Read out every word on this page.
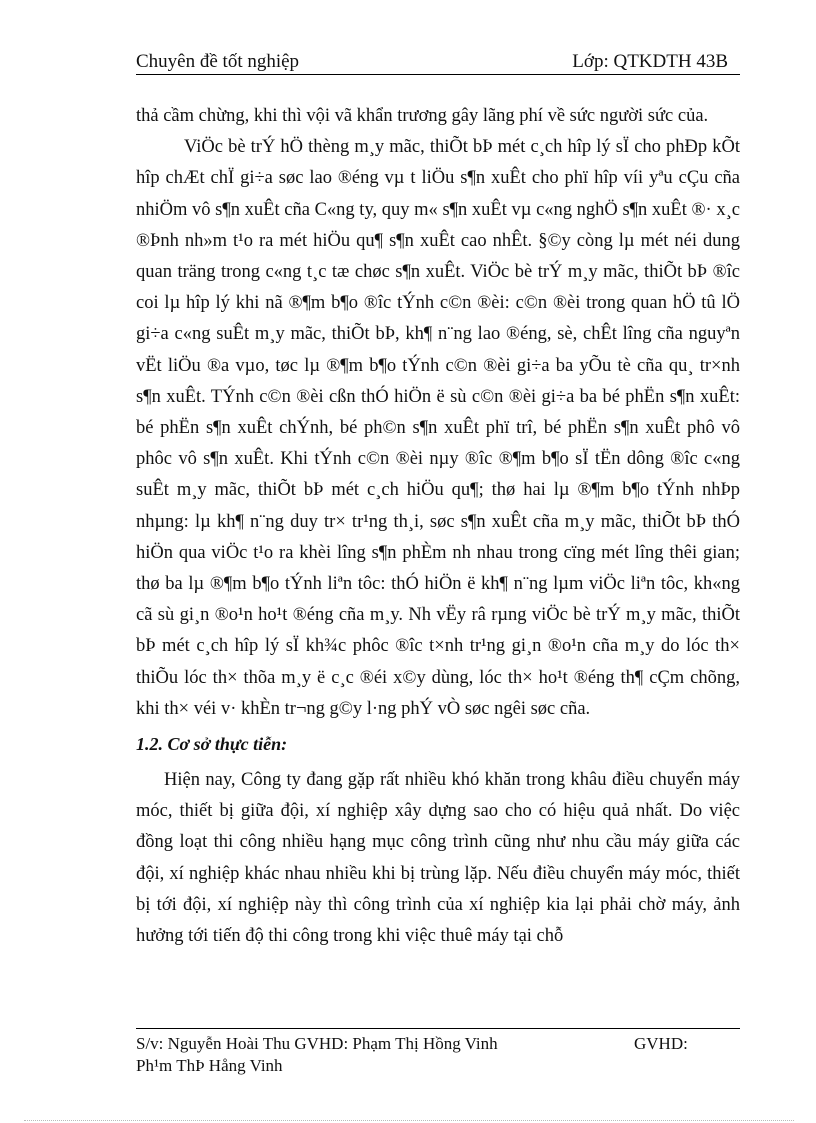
Chuyên đề tốt nghiệp	Lớp: QTKDTH 43B

thả cầm chừng, khi thì vội vã khẩn trương gây lãng phí về sức người sức của.

ViÖc bè trÝ hÖ thèng m¸y mãc, thiÕt bÞ mét c¸ch hîp lý sÏ cho phÐp kÕt hîp chÆt chÏ gi÷a søc lao ®éng vµ t liÖu s¶n xuÊt cho phï hîp víi yªu cÇu cña nhiÖm vô s¶n xuÊt cña C«ng ty, quy m« s¶n xuÊt vµ c«ng nghÖ s¶n xuÊt ®· x¸c ®Þnh nh»m t¹o ra mét hiÖu qu¶ s¶n xuÊt cao nhÊt. §©y còng lµ mét néi dung quan träng trong c«ng t¸c tæ chøc s¶n xuÊt. ViÖc bè trÝ m¸y mãc, thiÕt bÞ ®îc coi lµ hîp lý khi nã ®¶m b¶o ®îc tÝnh c©n ®èi: c©n ®èi trong quan hÖ tû lÖ gi÷a c«ng suÊt m¸y mãc, thiÕt bÞ, kh¶ n¨ng lao ®éng, sè, chÊt lîng cña nguyªn vËt liÖu ®a vµo, tøc lµ ®¶m b¶o tÝnh c©n ®èi gi÷a ba yÕu tè cña qu¸ tr×nh s¶n xuÊt. TÝnh c©n ®èi cßn thÓ hiÖn ë sù c©n ®èi gi÷a ba bé phËn s¶n xuÊt: bé phËn s¶n xuÊt chÝnh, bé ph©n s¶n xuÊt phï trî, bé phËn s¶n xuÊt phô vô phôc vô s¶n xuÊt. Khi tÝnh c©n ®èi nµy ®îc ®¶m b¶o sÏ tËn dông ®îc c«ng suÊt m¸y mãc, thiÕt bÞ mét c¸ch hiÖu qu¶; thø hai lµ ®¶m b¶o tÝnh nhÞp nhµng: lµ kh¶ n¨ng duy tr× tr¹ng th¸i, søc s¶n xuÊt cña m¸y mãc, thiÕt bÞ thÓ hiÖn qua viÖc t¹o ra khèi lîng s¶n phÈm nh nhau trong cïng mét lîng thêi gian; thø ba lµ ®¶m b¶o tÝnh liªn tôc: thÓ hiÖn ë kh¶ n¨ng lµm viÖc liªn tôc, kh«ng cã sù gi¸n ®o¹n ho¹t ®éng cña m¸y. Nh vËy râ rµng viÖc bè trÝ m¸y mãc, thiÕt bÞ mét c¸ch hîp lý sÏ kh¾c phôc ®îc t×nh tr¹ng gi¸n ®o¹n cña m¸y do lóc th× thiÕu lóc th× thõa m¸y ë c¸c ®éi x©y dùng, lóc th× ho¹t ®éng th¶ cÇm chõng, khi th× véi v· khÈn tr¬ng g©y l·ng phÝ vÒ søc ngêi søc cña.

1.2. Cơ sở thực tiễn:

Hiện nay, Công ty đang gặp rất nhiều khó khăn trong khâu điều chuyển máy móc, thiết bị giữa đội, xí nghiệp xây dựng sao cho có hiệu quả nhất. Do việc đồng loạt thi công nhiều hạng mục công trình cũng như nhu cầu máy giữa các đội, xí nghiệp khác nhau nhiều khi bị trùng lặp. Nếu điều chuyển máy móc, thiết bị tới đội, xí nghiệp này thì công trình của xí nghiệp kia lại phải chờ máy, ảnh hưởng tới tiến độ thi công trong khi việc thuê máy tại chỗ

S/v: Nguyễn Hoài Thu GVHD: Phạm Thị Hồng Vinh	GVHD:
Ph¹m ThÞ Hång Vinh
